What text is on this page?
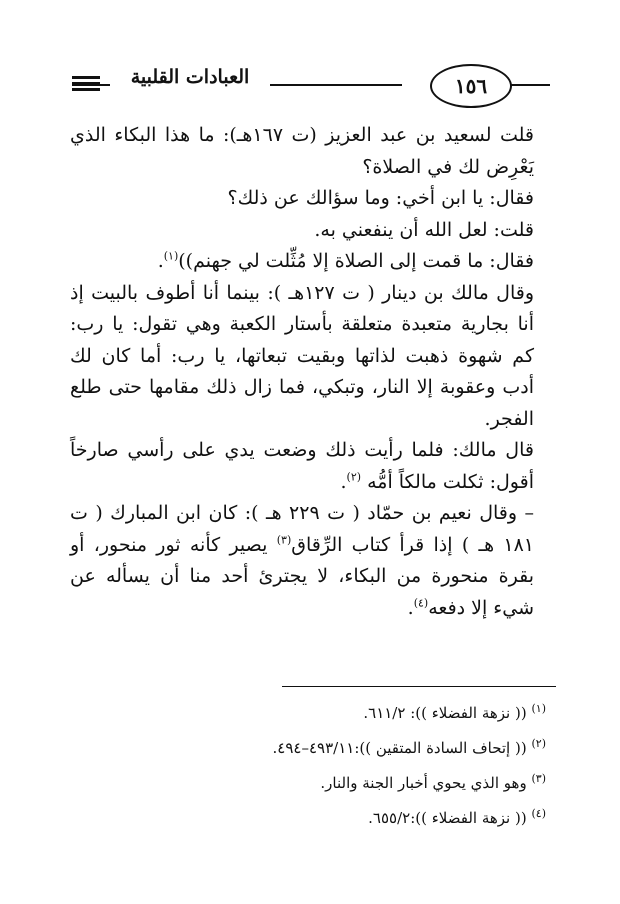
العبادات القلبية	١٥٦

قلت لسعيد بن عبد العزيز (ت ١٦٧هـ): ما هذا البكاء الذي يَعْرِض لك في الصلاة؟

فقال: يا ابن أخي: وما سؤالك عن ذلك؟

قلت: لعل الله أن ينفعني به.

فقال: ما قمت إلى الصلاة إلا مُثِّلت لي جهنم))$^{(١)}$.

وقال مالك بن دينار ( ت ١٢٧هـ ): بينما أنا أطوف بالبيت إذ أنا بجارية متعبدة متعلقة بأستار الكعبة وهي تقول: يا رب: كم شهوة ذهبت لذاتها وبقيت تبعاتها، يا رب: أما كان لك أدب وعقوبة إلا النار، وتبكي، فما زال ذلك مقامها حتى طلع الفجر.

قال مالك: فلما رأيت ذلك وضعت يدي على رأسي صارخاً أقول: ثكلت مالكاً أمُّه $^{(٢)}$.

– وقال نعيم بن حمّاد ( ت ٢٢٩ هـ ): كان ابن المبارك ( ت ١٨١ هـ ) إذا قرأ كتاب الرِّقاق$^{(٣)}$ يصير كأنه ثور منحور، أو بقرة منحورة من البكاء، لا يجترئ أحد منا أن يسأله عن شيء إلا دفعه$^{(٤)}$.

$^{(١)}$ (( نزهة الفضلاء )): ٦١١/٢.

$^{(٢)}$ (( إتحاف السادة المتقين )):٤٩٣/١١–٤٩٤.

$^{(٣)}$ وهو الذي يحوي أخبار الجنة والنار.

$^{(٤)}$ (( نزهة الفضلاء )):٦٥٥/٢.
